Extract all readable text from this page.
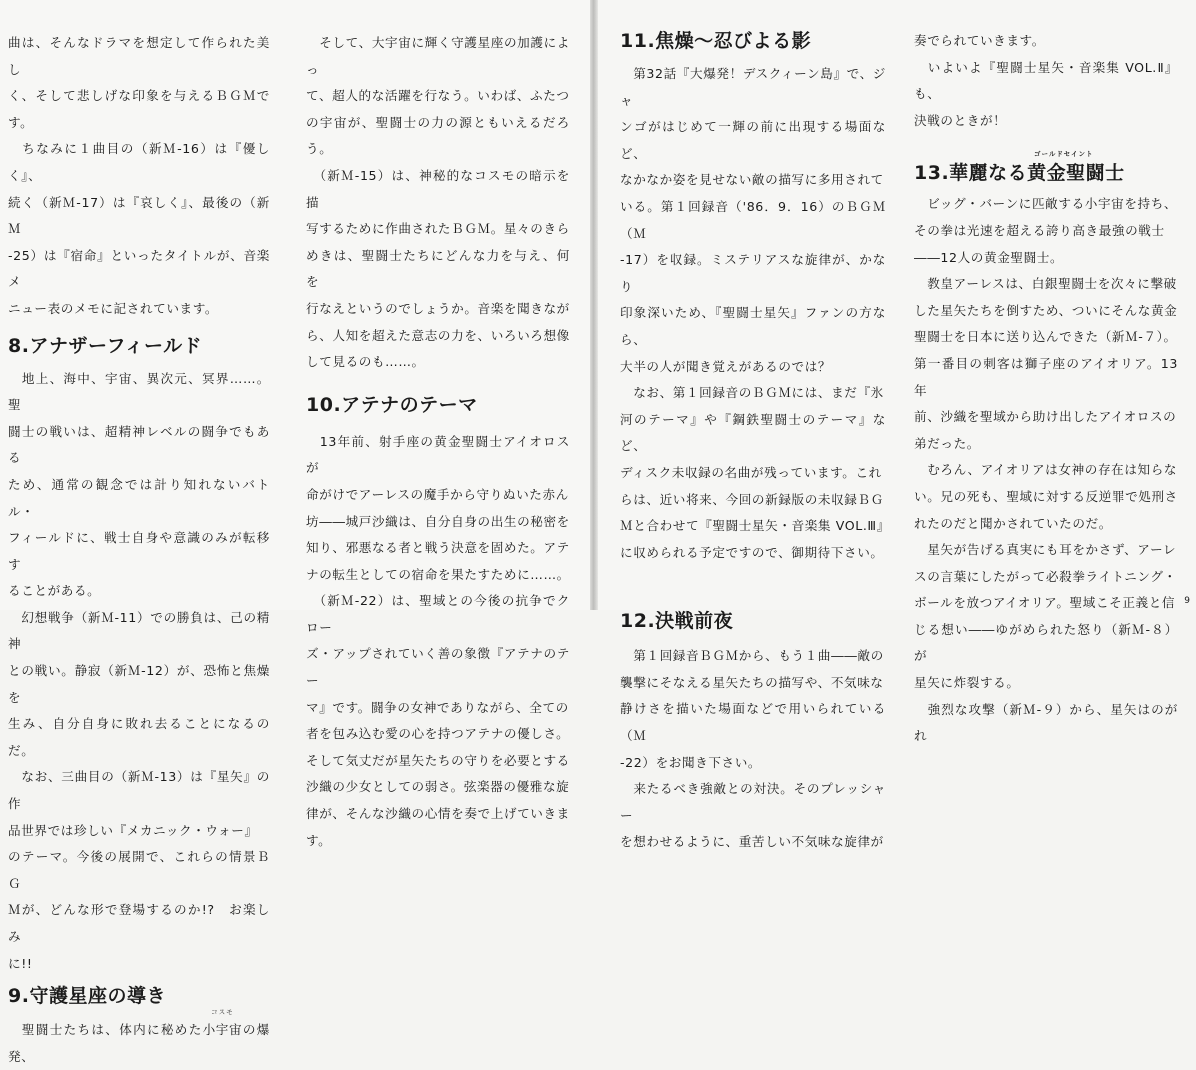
曲は、そんなドラマを想定して作られた美し

く、そして悲しげな印象を与えるＢＧＭです。

　ちなみに１曲目の（新Ｍ-16）は『優しく』、

続く（新Ｍ-17）は『哀しく』、最後の（新Ｍ

-25）は『宿命』といったタイトルが、音楽メ

ニュー表のメモに記されています。

8.アナザーフィールド

　地上、海中、宇宙、異次元、冥界……。聖

闘士の戦いは、超精神レベルの闘争でもある

ため、通常の観念では計り知れないバトル・

フィールドに、戦士自身や意識のみが転移す

ることがある。

　幻想戦争（新Ｍ-11）での勝負は、己の精神

との戦い。静寂（新Ｍ-12）が、恐怖と焦燥を

生み、自分自身に敗れ去ることになるのだ。

　なお、三曲目の（新Ｍ-13）は『星矢』の作

品世界では珍しい『メカニック・ウォー』

のテーマ。今後の展開で、これらの情景ＢＧ

Ｍが、どんな形で登場するのか!?　お楽しみ

に!!

9.守護星座の導き

　聖闘士たちは、体内に秘めた
コスモ
小宇宙の爆発、

　そして、大宇宙に輝く守護星座の加護によっ

て、超人的な活躍を行なう。いわば、ふたつ

の宇宙が、聖闘士の力の源ともいえるだろう。

　（新Ｍ-15）は、神秘的なコスモの暗示を描

写するために作曲されたＢＧＭ。星々のきら

めきは、聖闘士たちにどんな力を与え、何を

行なえというのでしょうか。音楽を聞きなが

ら、人知を超えた意志の力を、いろいろ想像

して見るのも……。

10.アテナのテーマ

　13年前、射手座の黄金聖闘士アイオロスが

命がけでアーレスの魔手から守りぬいた赤ん

坊――城戸沙織は、自分自身の出生の秘密を

知り、邪悪なる者と戦う決意を固めた。アテ

ナの転生としての宿命を果たすために……。

　（新Ｍ-22）は、聖域との今後の抗争でクロー

ズ・アップされていく善の象徴『アテナのテー

マ』です。闘争の女神でありながら、全ての

者を包み込む愛の心を持つアテナの優しさ。

そして気丈だが星矢たちの守りを必要とする

沙織の少女としての弱さ。弦楽器の優雅な旋

律が、そんな沙織の心情を奏で上げていきま

す。

11.焦燥〜忍びよる影

　第32話『大爆発！デスクィーン島』で、ジャ

ンゴがはじめて一輝の前に出現する場面など、

なかなか姿を見せない敵の描写に多用されて

いる。第１回録音（'86．9．16）のＢＧＭ（Ｍ

-17）を収録。ミステリアスな旋律が、かなり

印象深いため、『聖闘士星矢』ファンの方なら、

大半の人が聞き覚えがあるのでは？

　なお、第１回録音のＢＧＭには、まだ『氷

河のテーマ』や『鋼鉄聖闘士のテーマ』など、

ディスク未収録の名曲が残っています。これ

らは、近い将来、今回の新録版の未収録ＢＧ

Ｍと合わせて『聖闘士星矢・音楽集 VOL.Ⅲ』

に収められる予定ですので、御期待下さい。

12.決戦前夜

　第１回録音ＢＧＭから、もう１曲――敵の

襲撃にそなえる星矢たちの描写や、不気味な

静けさを描いた場面などで用いられている（Ｍ

-22）をお聞き下さい。

　来たるべき強敵との対決。そのプレッシャー

を想わせるように、重苦しい不気味な旋律が

奏でられていきます。

　いよいよ『聖闘士星矢・音楽集 VOL.Ⅱ』も、

決戦のときが！

ゴールドセイント
13.華麗なる黄金聖闘士

　ビッグ・バーンに匹敵する小宇宙を持ち、

その拳は光速を超える誇り高き最強の戦士

――12人の黄金聖闘士。

　教皇アーレスは、白銀聖闘士を次々に撃破

した星矢たちを倒すため、ついにそんな黄金

聖闘士を日本に送り込んできた（新Ｍ-７）。

第一番目の刺客は獅子座のアイオリア。13年

前、沙織を聖域から助け出したアイオロスの

弟だった。

　むろん、アイオリアは女神の存在は知らな

い。兄の死も、聖域に対する反逆罪で処刑さ

れたのだと聞かされていたのだ。

　星矢が告げる真実にも耳をかさず、アーレ

スの言葉にしたがって必殺拳ライトニング・

ボールを放つアイオリア。聖域こそ正義と信

じる想い――ゆがめられた怒り（新Ｍ-８）が

星矢に炸裂する。

　強烈な攻撃（新Ｍ-９）から、星矢はのがれ

9
